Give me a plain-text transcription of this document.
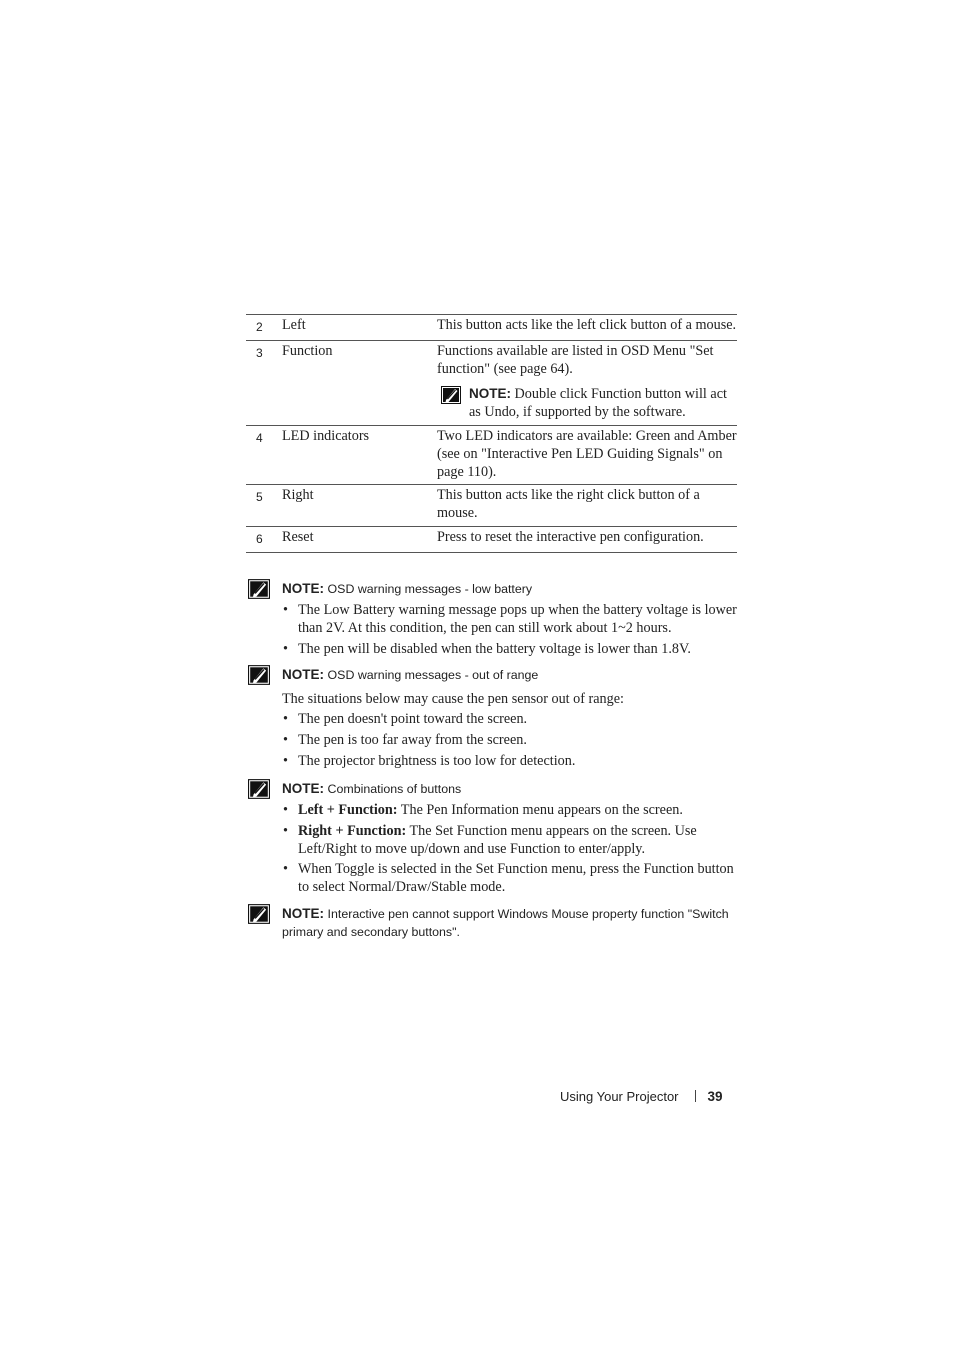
2	Left	This button acts like the left click button of a mouse.
3	Function	Functions available are listed in OSD Menu "Set function" (see page 64).
NOTE: Double click Function button will act as Undo, if supported by the software.

4	LED indicators	Two LED indicators are available: Green and Amber (see on "Interactive Pen LED Guiding Signals" on page 110).
5	Right	This button acts like the right click button of a mouse.
6	Reset	Press to reset the interactive pen configuration.
NOTE: OSD warning messages - low battery
• The Low Battery warning message pops up when the battery voltage is lower than 2V. At this condition, the pen can still work about 1~2 hours.
• The pen will be disabled when the battery voltage is lower than 1.8V.
NOTE: OSD warning messages - out of range

The situations below may cause the pen sensor out of range:

• The pen doesn't point toward the screen.
• The pen is too far away from the screen.
• The projector brightness is too low for detection.
NOTE: Combinations of buttons
• Left + Function: The Pen Information menu appears on the screen.
• Right + Function: The Set Function menu appears on the screen. Use Left/Right to move up/down and use Function to enter/apply.
• When Toggle is selected in the Set Function menu, press the Function button to select Normal/Draw/Stable mode.
NOTE: Interactive pen cannot support Windows Mouse property function "Switch primary and secondary buttons".
Using Your Projector 39
